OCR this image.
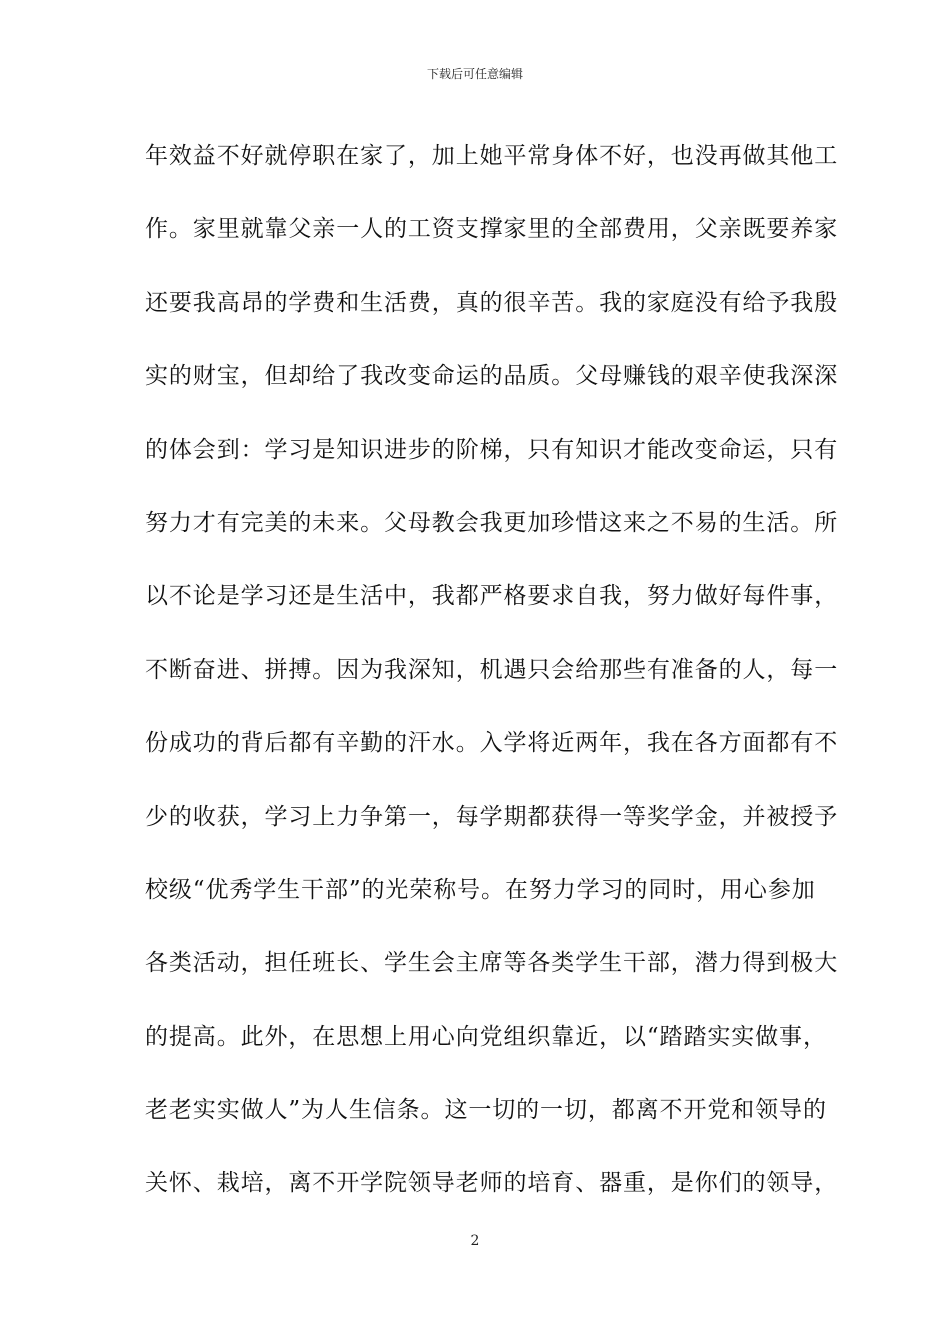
下载后可任意编辑
年效益不好就停职在家了，加上她平常身体不好，也没再做其他工
作。家里就靠父亲一人的工资支撑家里的全部费用，父亲既要养家
还要我高昂的学费和生活费，真的很辛苦。我的家庭没有给予我殷
实的财宝，但却给了我改变命运的品质。父母赚钱的艰辛使我深深
的体会到：学习是知识进步的阶梯，只有知识才能改变命运，只有
努力才有完美的未来。父母教会我更加珍惜这来之不易的生活。所
以不论是学习还是生活中，我都严格要求自我，努力做好每件事，
不断奋进、拼搏。因为我深知，机遇只会给那些有准备的人，每一
份成功的背后都有辛勤的汗水。入学将近两年，我在各方面都有不
少的收获，学习上力争第一，每学期都获得一等奖学金，并被授予
校级“优秀学生干部”的光荣称号。在努力学习的同时，用心参加
各类活动，担任班长、学生会主席等各类学生干部，潜力得到极大
的提高。此外，在思想上用心向党组织靠近，以“踏踏实实做事，
老老实实做人”为人生信条。这一切的一切，都离不开党和领导的
关怀、栽培，离不开学院领导老师的培育、器重，是你们的领导，
2
